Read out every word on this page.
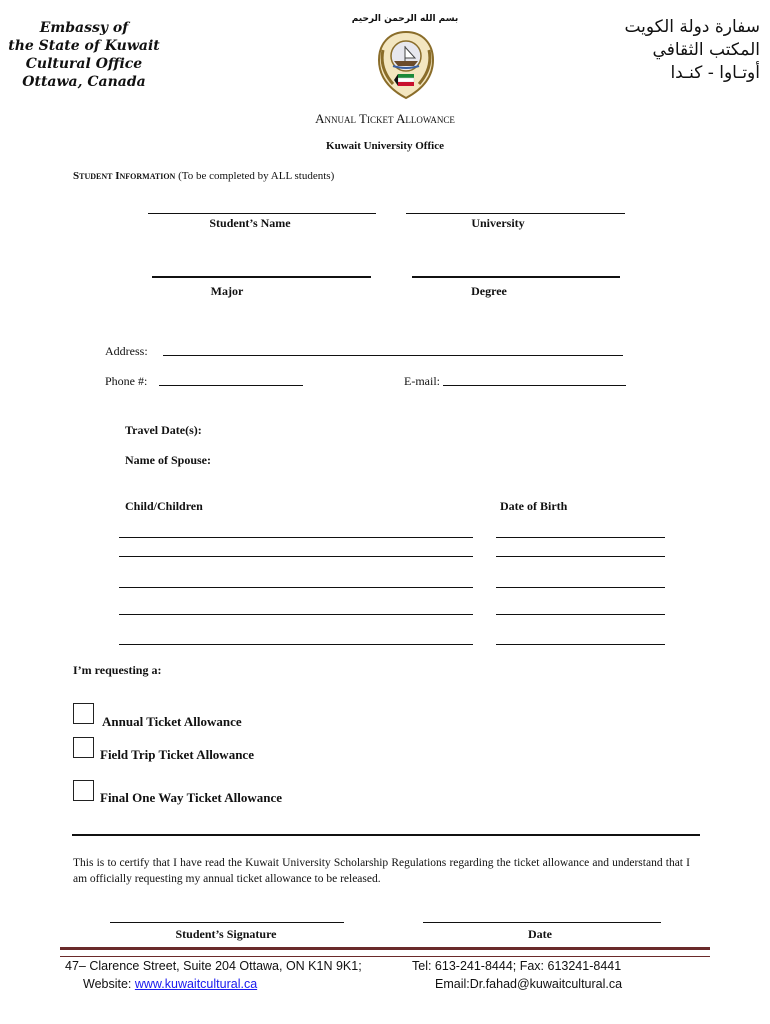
Embassy of
the State of Kuwait
Cultural Office
Ottawa, Canada
بسم الله الرحمن الرحيم	سفارة دولة الكويت
المكتب الثقافي
أوتـاوا - كنـدا
Annual Ticket Allowance
Kuwait University Office
Student Information (To be completed by ALL students)
Student’s Name	University
Major	Degree
Address:
Phone #:	E-mail:
Travel Date(s):
Name of Spouse:
Child/Children	Date of Birth
I’m requesting a:
Annual Ticket Allowance
Field Trip Ticket Allowance
Final One Way Ticket Allowance
This is to certify that I have read the Kuwait University Scholarship Regulations regarding the ticket allowance and understand that I am officially requesting my annual ticket allowance to be released.
Student’s Signature	Date
47– Clarence Street, Suite 204 Ottawa, ON K1N 9K1;
Website: www.kuwaitcultural.ca
Tel: 613-241-8444; Fax: 613241-8441
Email:Dr.fahad@kuwaitcultural.ca
